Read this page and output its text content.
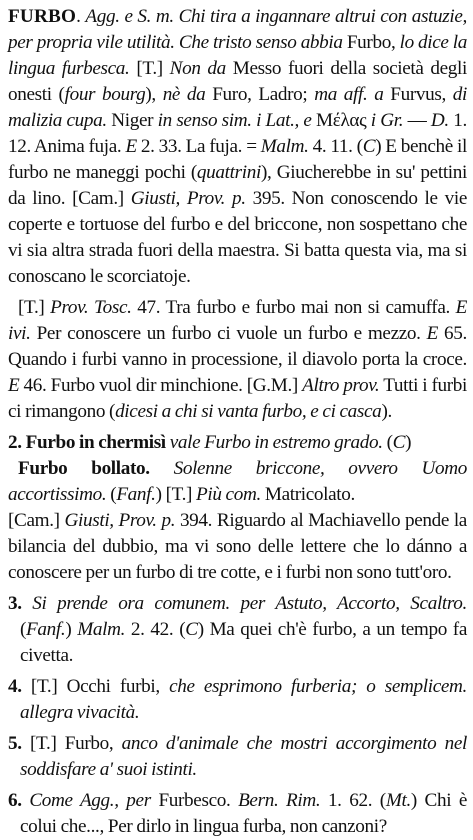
FURBO. Agg. e S. m. Chi tira a ingannare altrui con astuzie, per propria vile utilità. Che tristo senso abbia Furbo, lo dice la lingua furbesca. [T.] Non da Messo fuori della società degli onesti (four bourg), nè da Furo, Ladro; ma aff. a Furvus, di malizia cupa. Niger in senso sim. i Lat., e Μέλας i Gr. — D. 1. 12. Anima fuja. E 2. 33. La fuja. = Malm. 4. 11. (C) E benchè il furbo ne maneggi pochi (quattrini), Giucherebbe in su' pettini da lino. [Cam.] Giusti, Prov. p. 395. Non conoscendo le vie coperte e tortuose del furbo e del briccone, non sospettano che vi sia altra strada fuori della maestra. Si batta questa via, ma si conoscano le scorciatoje.

[T.] Prov. Tosc. 47. Tra furbo e furbo mai non si camuffa. E ivi. Per conoscere un furbo ci vuole un furbo e mezzo. E 65. Quando i furbi vanno in processione, il diavolo porta la croce. E 46. Furbo vuol dir minchione. [G.M.] Altro prov. Tutti i furbi ci rimangono (dicesi a chi si vanta furbo, e ci casca).

2. Furbo in chermisì vale Furbo in estremo grado. (C)

Furbo bollato. Solenne briccone, ovvero Uomo accortissimo. (Fanf.) [T.] Più com. Matricolato.

[Cam.] Giusti, Prov. p. 394. Riguardo al Machiavello pende la bilancia del dubbio, ma vi sono delle lettere che lo dánno a conoscere per un furbo di tre cotte, e i furbi non sono tutt'oro.

3. Si prende ora comunem. per Astuto, Accorto, Scaltro. (Fanf.) Malm. 2. 42. (C) Ma quei ch'è furbo, a un tempo fa civetta.

4. [T.] Occhi furbi, che esprimono furberia; o semplicem. allegra vivacità.

5. [T.] Furbo, anco d'animale che mostri accorgimento nel soddisfare a' suoi istinti.

6. Come Agg., per Furbesco. Bern. Rim. 1. 62. (Mt.) Chi è colui che..., Per dirlo in lingua furba, non canzoni?
